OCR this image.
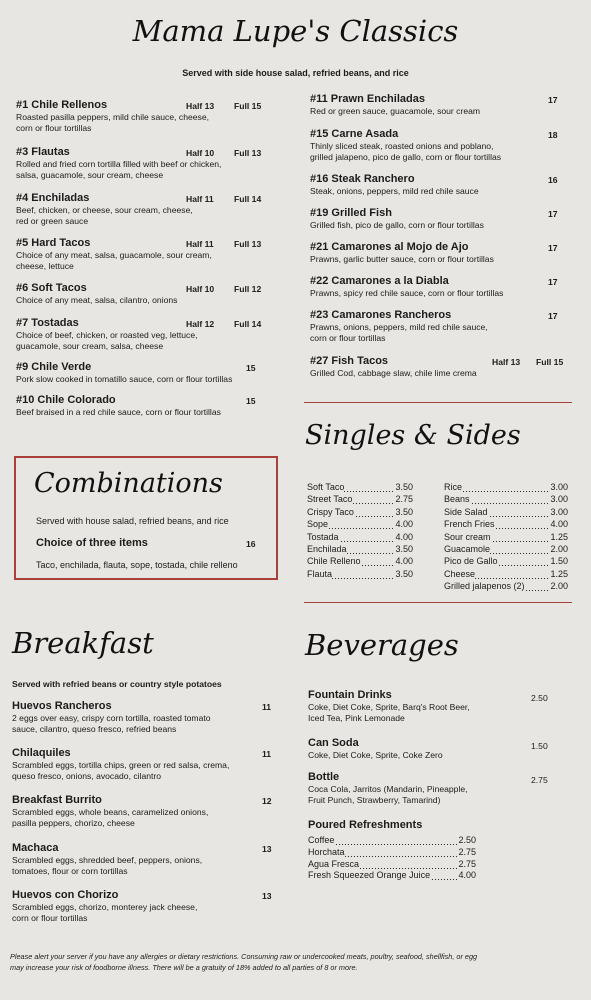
Mama Lupe's Classics
Served with side house salad, refried beans, and rice
#1 Chile Rellenos
Roasted pasilla peppers, mild chile sauce, cheese,
corn or flour tortillas
Half 13 Full 15
#3 Flautas
Rolled and fried corn tortilla filled with beef or chicken,
salsa, guacamole, sour cream, cheese
Half 10 Full 13
#4 Enchiladas
Beef, chicken, or cheese, sour cream, cheese,
red or green sauce
Half 11 Full 14
#5 Hard Tacos
Choice of any meat, salsa, guacamole, sour cream,
cheese, lettuce
Half 11 Full 13
#6 Soft Tacos
Choice of any meat, salsa, cilantro, onions
Half 10 Full 12
#7 Tostadas
Choice of beef, chicken, or roasted veg, lettuce,
guacamole, sour cream, salsa, cheese
Half 12 Full 14
#9 Chile Verde
Pork slow cooked in tomatillo sauce, corn or flour tortillas
15
#10 Chile Colorado
Beef braised in a red chile sauce, corn or flour tortillas
15
#11 Prawn Enchiladas
Red or green sauce, guacamole, sour cream
17
#15 Carne Asada
Thinly sliced steak, roasted onions and poblano,
grilled jalapeno, pico de gallo, corn or flour tortillas
18
#16 Steak Ranchero
Steak, onions, peppers, mild red chile sauce
16
#19 Grilled Fish
Grilled fish, pico de gallo, corn or flour tortillas
17
#21 Camarones al Mojo de Ajo
Prawns, garlic butter sauce, corn or flour tortillas
17
#22 Camarones a la Diabla
Prawns, spicy red chile sauce, corn or flour tortillas
17
#23 Camarones Rancheros
Prawns, onions, peppers, mild red chile sauce,
corn or flour tortillas
17
#27 Fish Tacos
Grilled Cod, cabbage slaw, chile lime crema
Half 13 Full 15
Combinations
Served with house salad, refried beans, and rice
Choice of three items	16
Taco, enchilada, flauta, sope, tostada, chile relleno
Singles & Sides
Soft Taco	3.50
Street Taco	2.75
Crispy Taco	3.50
Sope	4.00
Tostada	4.00
Enchilada	3.50
Chile Relleno	4.00
Flauta	3.50
Rice	3.00
Beans	3.00
Side Salad	3.00
French Fries	4.00
Sour cream	1.25
Guacamole	2.00
Pico de Gallo	1.50
Cheese	1.25
Grilled jalapenos (2)	2.00
Breakfast
Served with refried beans or country style potatoes
Huevos Rancheros
2 eggs over easy, crispy corn tortilla, roasted tomato
sauce, cilantro, queso fresco, refried beans
11
Chilaquiles
Scrambled eggs, tortilla chips, green or red salsa, crema,
queso fresco, onions, avocado, cilantro
11
Breakfast Burrito
Scrambled eggs, whole beans, caramelized onions,
pasilla peppers, chorizo, cheese
12
Machaca
Scrambled eggs, shredded beef, peppers, onions,
tomatoes, flour or corn tortillas
13
Huevos con Chorizo
Scrambled eggs, chorizo, monterey jack cheese,
corn or flour tortillas
13
Beverages
Fountain Drinks
Coke, Diet Coke, Sprite, Barq's Root Beer,
Iced Tea, Pink Lemonade
2.50
Can Soda
Coke, Diet Coke, Sprite, Coke Zero
1.50
Bottle
Coca Cola, Jarritos (Mandarin, Pineapple,
Fruit Punch, Strawberry, Tamarind)
2.75
Poured Refreshments
Coffee	2.50
Horchata	2.75
Agua Fresca	2.75
Fresh Squeezed Orange Juice	4.00
Please alert your server if you have any allergies or dietary restrictions. Consuming raw or undercooked meats, poultry, seafood, shellfish, or egg
may increase your risk of foodborne illness. There will be a gratuity of 18% added to all parties of 8 or more.
